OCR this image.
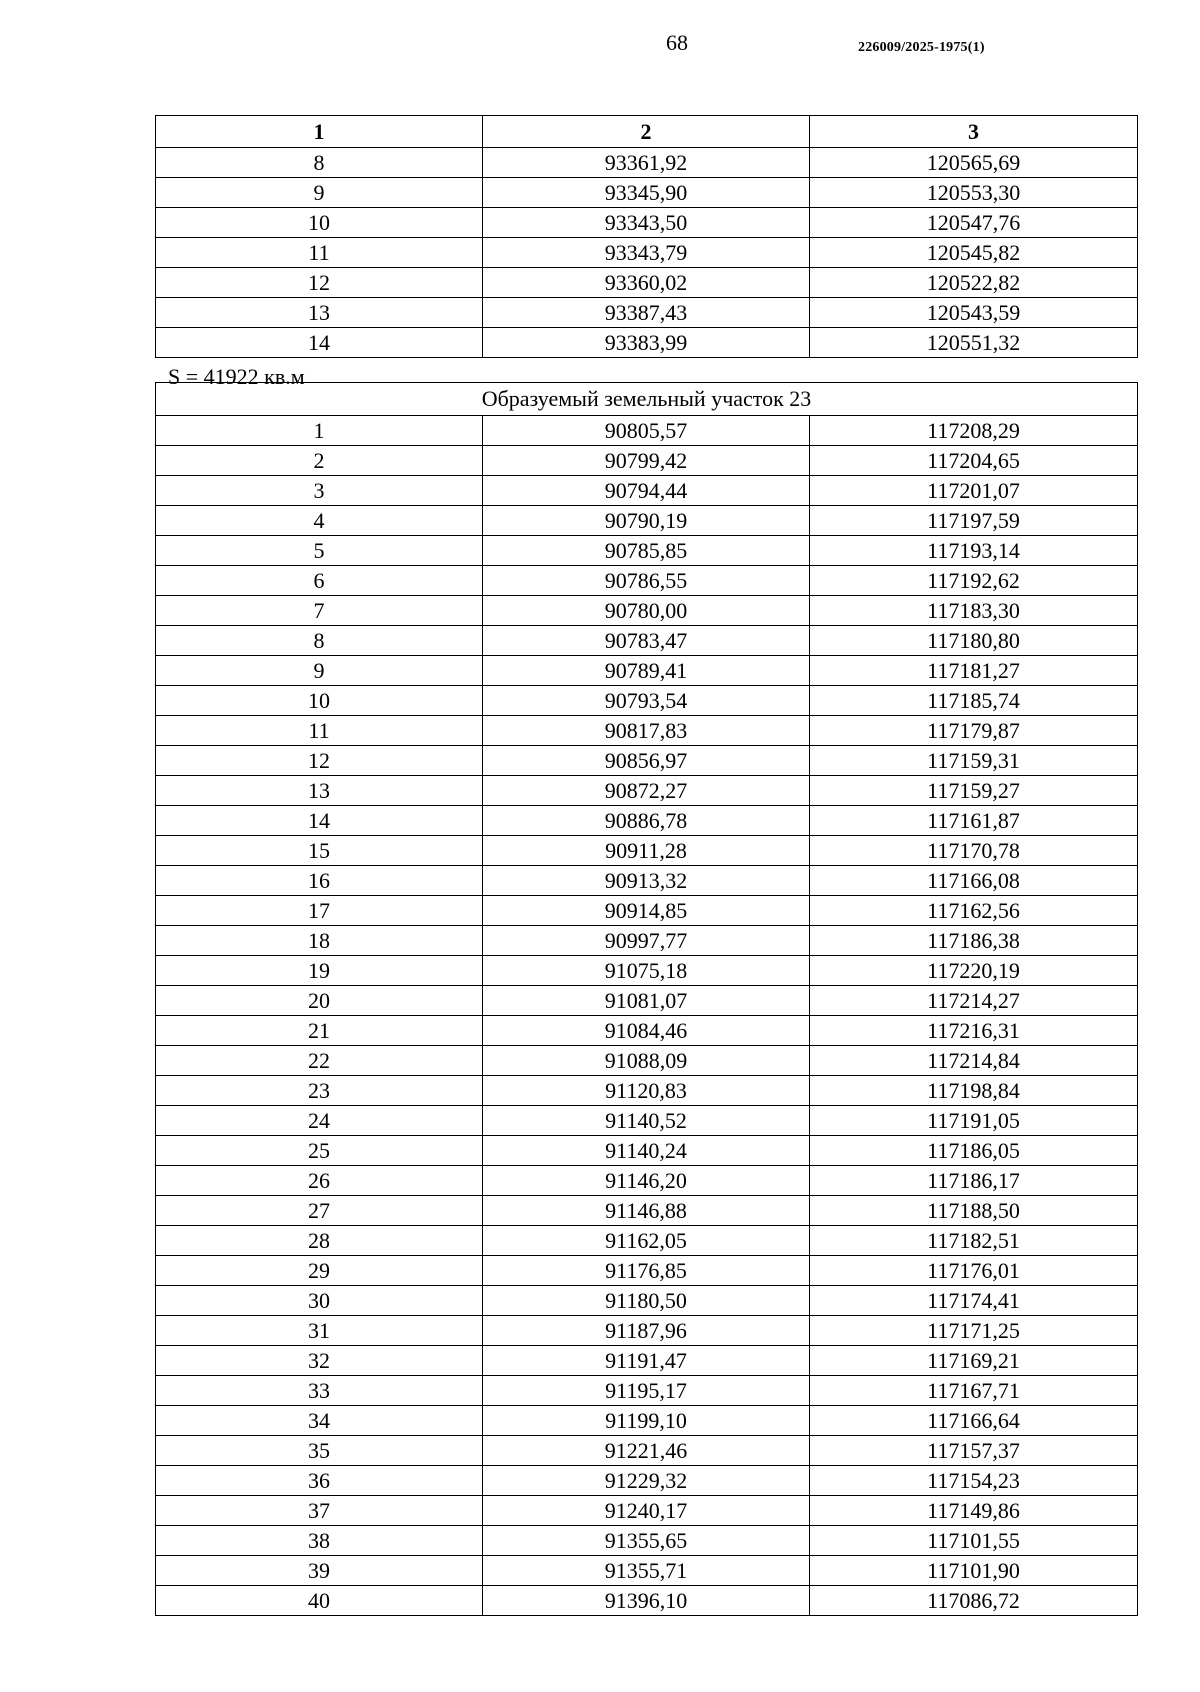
68	226009/2025-1975(1)
1	2	3
8	93361,92	120565,69
9	93345,90	120553,30
10	93343,50	120547,76
11	93343,79	120545,82
12	93360,02	120522,82
13	93387,43	120543,59
14	93383,99	120551,32
S = 41922 кв.м
Образуемый земельный участок 23		
1	90805,57	117208,29
2	90799,42	117204,65
3	90794,44	117201,07
4	90790,19	117197,59
5	90785,85	117193,14
6	90786,55	117192,62
7	90780,00	117183,30
8	90783,47	117180,80
9	90789,41	117181,27
10	90793,54	117185,74
11	90817,83	117179,87
12	90856,97	117159,31
13	90872,27	117159,27
14	90886,78	117161,87
15	90911,28	117170,78
16	90913,32	117166,08
17	90914,85	117162,56
18	90997,77	117186,38
19	91075,18	117220,19
20	91081,07	117214,27
21	91084,46	117216,31
22	91088,09	117214,84
23	91120,83	117198,84
24	91140,52	117191,05
25	91140,24	117186,05
26	91146,20	117186,17
27	91146,88	117188,50
28	91162,05	117182,51
29	91176,85	117176,01
30	91180,50	117174,41
31	91187,96	117171,25
32	91191,47	117169,21
33	91195,17	117167,71
34	91199,10	117166,64
35	91221,46	117157,37
36	91229,32	117154,23
37	91240,17	117149,86
38	91355,65	117101,55
39	91355,71	117101,90
40	91396,10	117086,72
